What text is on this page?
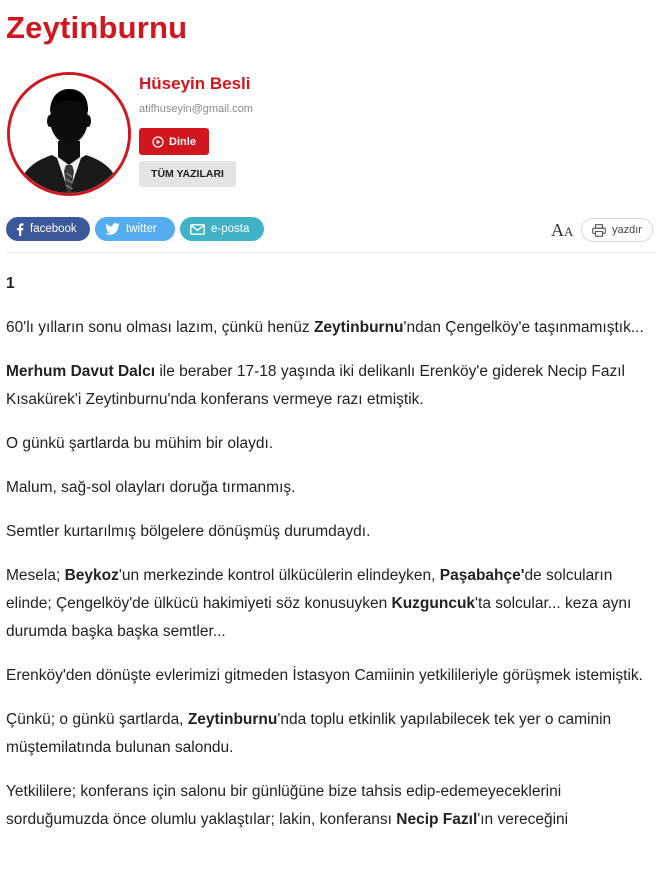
Zeytinburnu
Hüseyin Besli
atifhuseyin@gmail.com
Dinle
TÜM YAZILARI
facebook	twitter	e-posta	AA	yazdır

1

60'lı yılların sonu olması lazım, çünkü henüz Zeytinburnu'ndan Çengelköy'e taşınmamıştık...

Merhum Davut Dalcı ile beraber 17-18 yaşında iki delikanlı Erenköy'e giderek Necip Fazıl Kısakürek'i Zeytinburnu'nda konferans vermeye razı etmiştik.

O günkü şartlarda bu mühim bir olaydı.

Malum, sağ-sol olayları doruğa tırmanmış.

Semtler kurtarılmış bölgelere dönüşmüş durumdaydı.

Mesela; Beykoz'un merkezinde kontrol ülkücülerin elindeyken, Paşabahçe'de solcuların elinde; Çengelköy'de ülkücü hakimiyeti söz konusuyken Kuzguncuk'ta solcular... keza aynı durumda başka başka semtler...

Erenköy'den dönüşte evlerimizi gitmeden İstasyon Camiinin yetkilileriyle görüşmek istemiştik.

Çünkü; o günkü şartlarda, Zeytinburnu'nda toplu etkinlik yapılabilecek tek yer o caminin müştemilatında bulunan salondu.

Yetkililere; konferans için salonu bir günlüğüne bize tahsis edip-edemeyeceklerini sorduğumuzda önce olumlu yaklaştılar; lakin, konferansı Necip Fazıl'ın vereceğini
